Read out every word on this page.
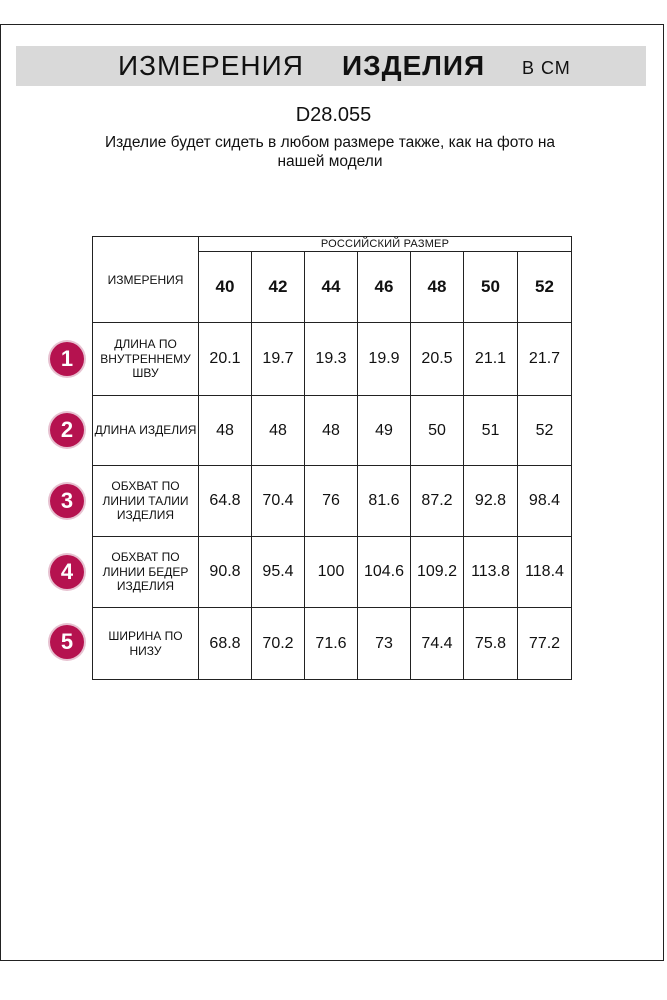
ИЗМЕРЕНИЯ ИЗДЕЛИЯ В СМ
D28.055
Изделие будет сидеть в любом размере также, как на фото на нашей модели
ИЗМЕРЕНИЯ	РОССИЙСКИЙ РАЗМЕР						
	40	42	44	46	48	50	52
ДЛИНА ПО ВНУТРЕННЕМУ ШВУ	20.1	19.7	19.3	19.9	20.5	21.1	21.7
ДЛИНА ИЗДЕЛИЯ	48	48	48	49	50	51	52
ОБХВАТ ПО ЛИНИИ ТАЛИИ ИЗДЕЛИЯ	64.8	70.4	76	81.6	87.2	92.8	98.4
ОБХВАТ ПО ЛИНИИ БЕДЕР ИЗДЕЛИЯ	90.8	95.4	100	104.6	109.2	113.8	118.4
ШИРИНА ПО НИЗУ	68.8	70.2	71.6	73	74.4	75.8	77.2
1
2
3
4
5
